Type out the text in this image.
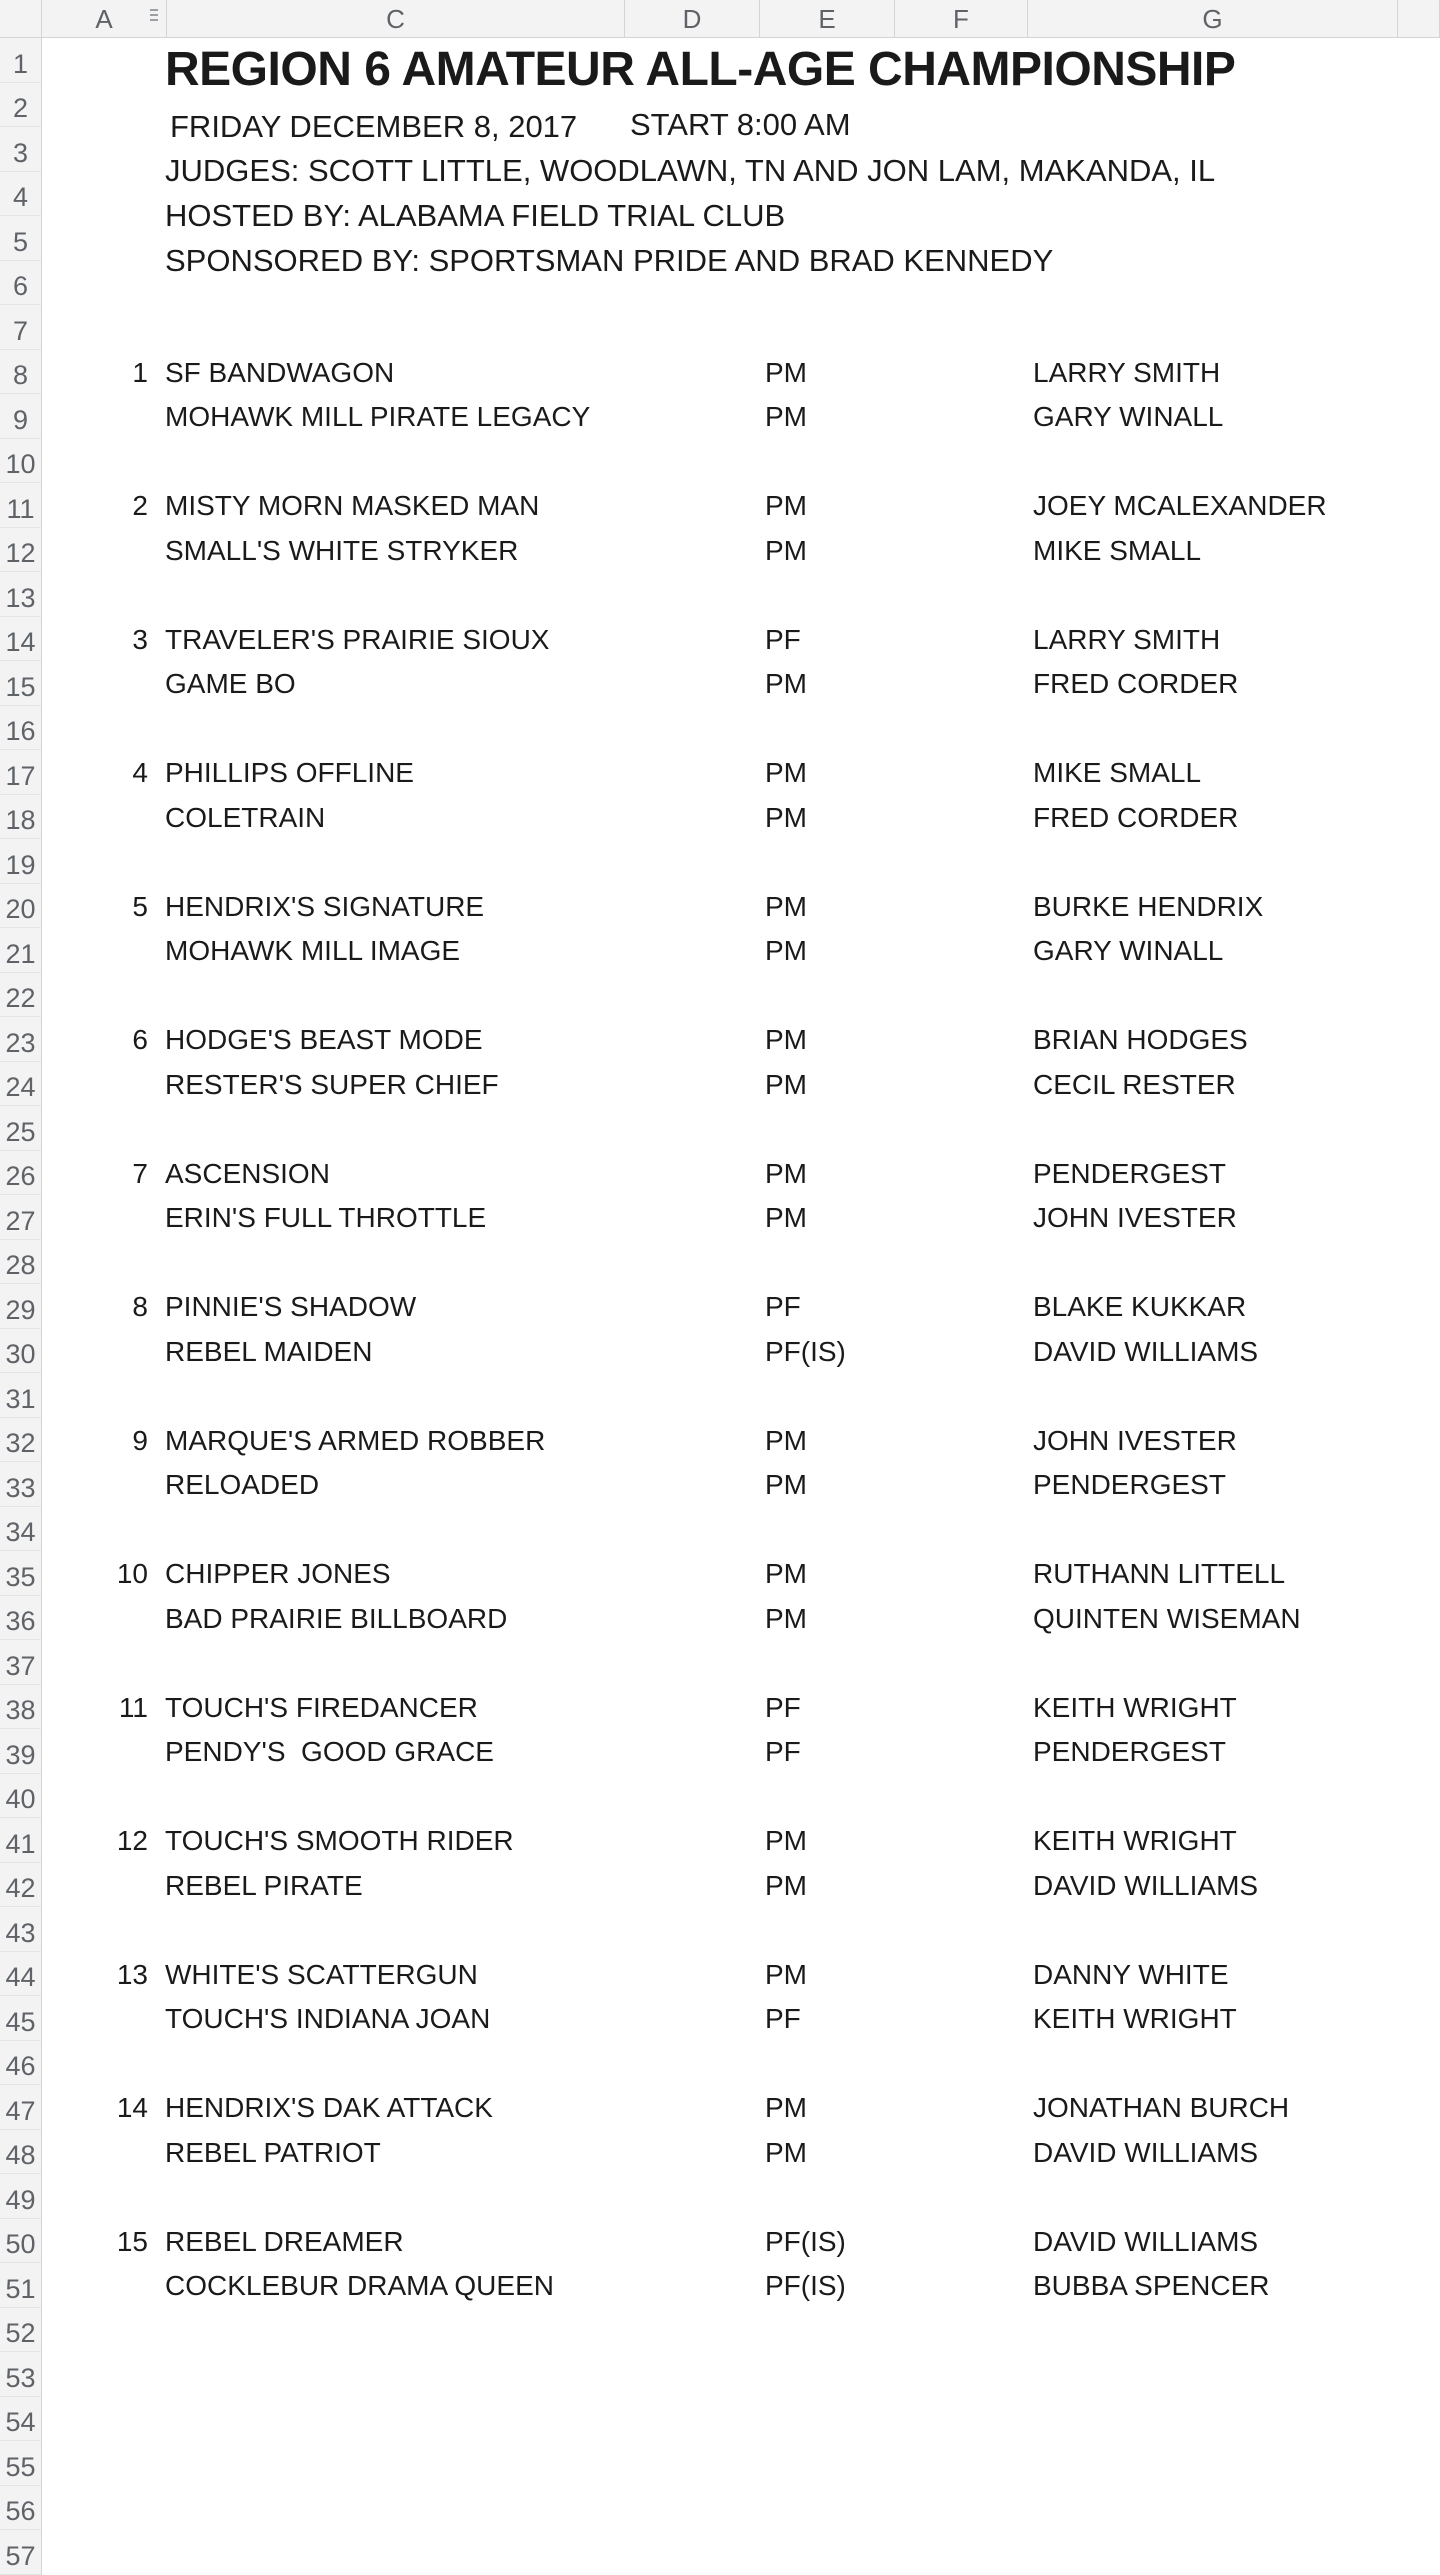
A	C	D	E	F	G
1
2
3
4
5
6
7
8
9
10
11
12
13
14
15
16
17
18
19
20
21
22
23
24
25
26
27
28
29
30
31
32
33
34
35
36
37
38
39
40
41
42
43
44
45
46
47
48
49
50
51
52
53
54
55
56
57
REGION 6 AMATEUR ALL-AGE CHAMPIONSHIP
FRIDAY DECEMBER 8, 2017 START 8:00 AM
JUDGES: SCOTT LITTLE, WOODLAWN, TN AND JON LAM, MAKANDA, IL
HOSTED BY: ALABAMA FIELD TRIAL CLUB
SPONSORED BY: SPORTSMAN PRIDE AND BRAD KENNEDY
1 SF BANDWAGON	PM	LARRY SMITH
MOHAWK MILL PIRATE LEGACY	PM	GARY WINALL
2 MISTY MORN MASKED MAN	PM	JOEY MCALEXANDER
SMALL'S WHITE STRYKER	PM	MIKE SMALL
3 TRAVELER'S PRAIRIE SIOUX	PF	LARRY SMITH
GAME BO	PM	FRED CORDER
4 PHILLIPS OFFLINE	PM	MIKE SMALL
COLETRAIN	PM	FRED CORDER
5 HENDRIX'S SIGNATURE	PM	BURKE HENDRIX
MOHAWK MILL IMAGE	PM	GARY WINALL
6 HODGE'S BEAST MODE	PM	BRIAN HODGES
RESTER'S SUPER CHIEF	PM	CECIL RESTER
7 ASCENSION	PM	PENDERGEST
ERIN'S FULL THROTTLE	PM	JOHN IVESTER
8 PINNIE'S SHADOW	PF	BLAKE KUKKAR
REBEL MAIDEN	PF(IS)	DAVID WILLIAMS
9 MARQUE'S ARMED ROBBER	PM	JOHN IVESTER
RELOADED	PM	PENDERGEST
10 CHIPPER JONES	PM	RUTHANN LITTELL
BAD PRAIRIE BILLBOARD	PM	QUINTEN WISEMAN
11 TOUCH'S FIREDANCER	PF	KEITH WRIGHT
PENDY'S  GOOD GRACE	PF	PENDERGEST
12 TOUCH'S SMOOTH RIDER	PM	KEITH WRIGHT
REBEL PIRATE	PM	DAVID WILLIAMS
13 WHITE'S SCATTERGUN	PM	DANNY WHITE
TOUCH'S INDIANA JOAN	PF	KEITH WRIGHT
14 HENDRIX'S DAK ATTACK	PM	JONATHAN BURCH
REBEL PATRIOT	PM	DAVID WILLIAMS
15 REBEL DREAMER	PF(IS)	DAVID WILLIAMS
COCKLEBUR DRAMA QUEEN	PF(IS)	BUBBA SPENCER
